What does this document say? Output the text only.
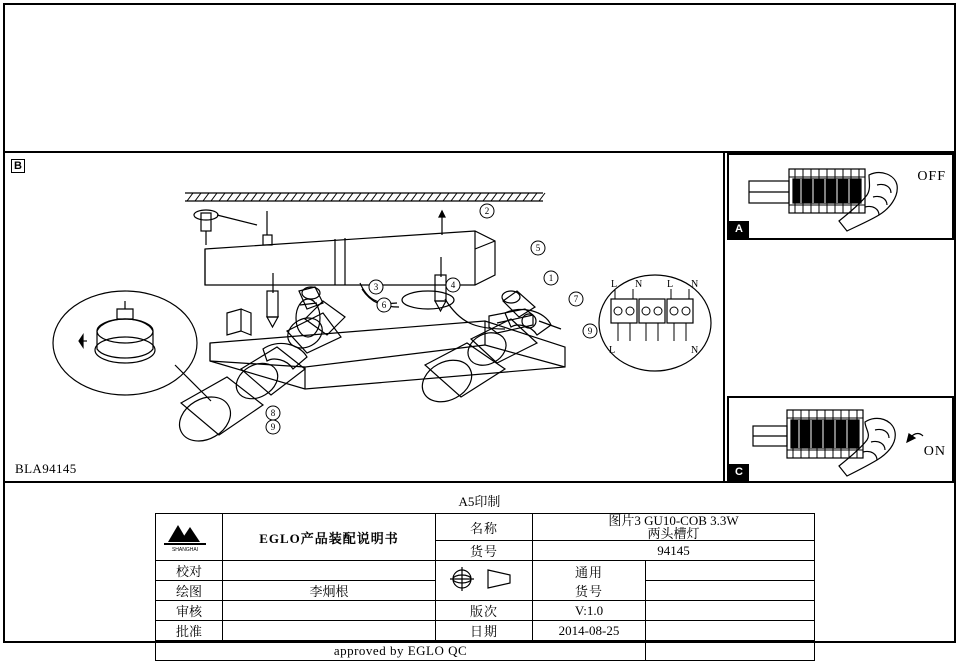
B
2
5
1
7
3
6
4
9
8
9
L N L N
L	N
BLA94145
OFF
A
ON
C
A5印制
SHANGHAI	EGLO产品装配说明书	名称	图片3 GU10-COB 3.3W
两头槽灯	

		货号	94145	
校对			通用
货号	

绘图	李炯根			
审核		版次	V:1.0	
批准		日期	2014-08-25	
approved by EGLO QC				
